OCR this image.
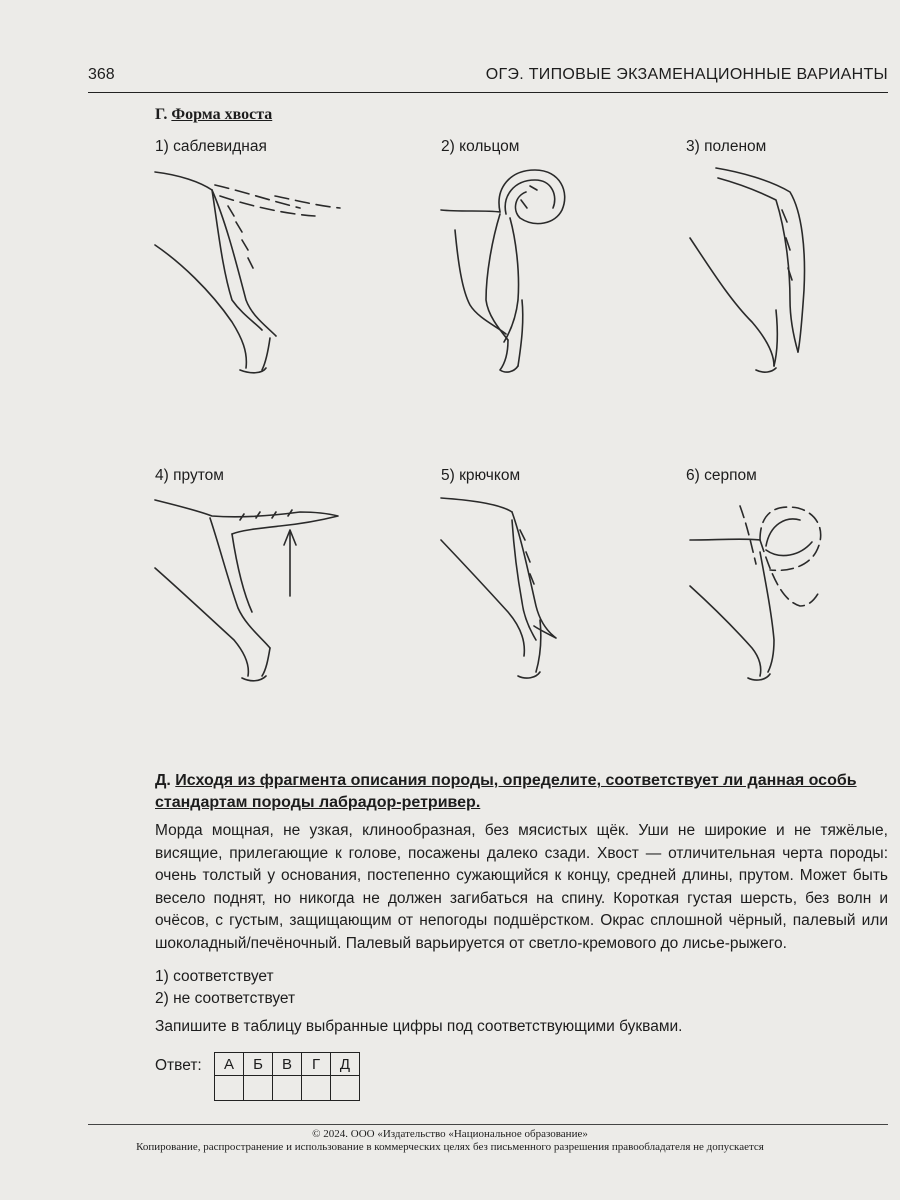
368	ОГЭ. ТИПОВЫЕ ЭКЗАМЕНАЦИОННЫЕ ВАРИАНТЫ
Г. Форма хвоста
1) саблевидная	2) кольцом	3) поленом
4) прутом	5) крючком	6) серпом
Д. Исходя из фрагмента описания породы, определите, соответствует ли данная особь стандартам породы лабрадор-ретривер.
Морда мощная, не узкая, клинообразная, без мясистых щёк. Уши не широкие и не тяжёлые, висящие, прилегающие к голове, посажены далеко сзади. Хвост — отличительная черта породы: очень толстый у основания, постепенно сужающийся к концу, средней длины, прутом. Может быть весело поднят, но никогда не должен загибаться на спину. Короткая густая шерсть, без волн и очёсов, с густым, защищающим от непогоды подшёрстком. Окрас сплошной чёрный, палевый или шоколадный/печёночный. Палевый варьируется от светло-кремового до лисье-рыжего.
1) соответствует
2) не соответствует
Запишите в таблицу выбранные цифры под соответствующими буквами.
Ответ: А	Б	В	Г	Д

© 2024. ООО «Издательство «Национальное образование»
Копирование, распространение и использование в коммерческих целях без письменного разрешения правообладателя не допускается
